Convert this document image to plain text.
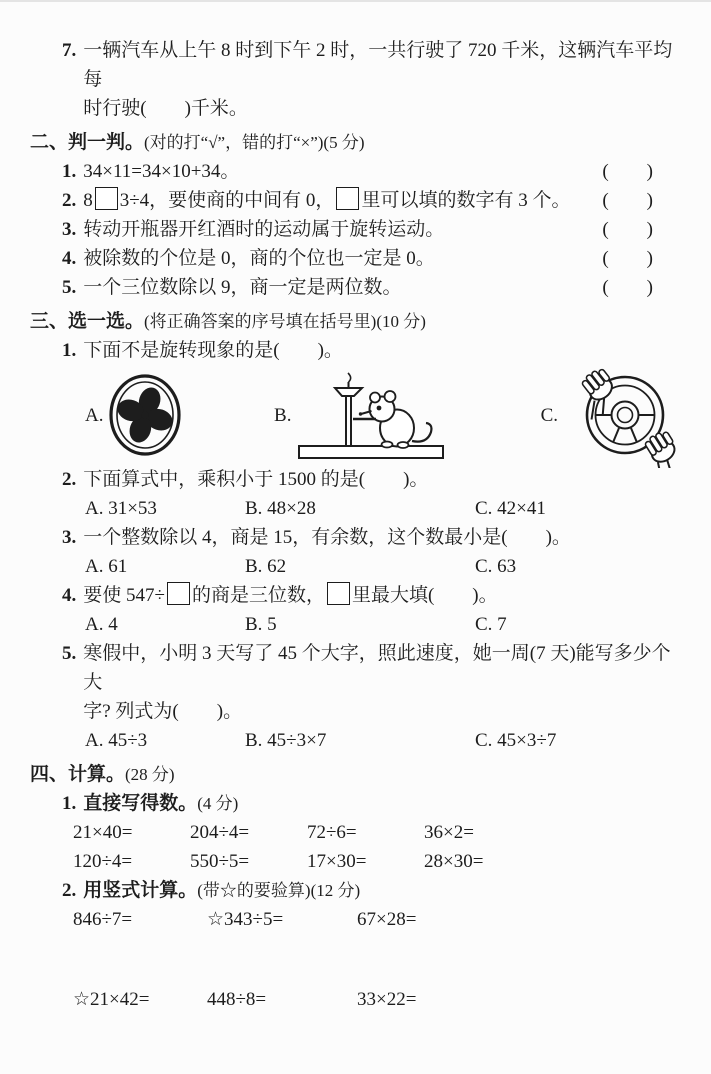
7. 一辆汽车从上午 8 时到下午 2 时，一共行驶了 720 千米，这辆汽车平均每
时行驶(　　)千米。
二、判一判。(对的打“√”，错的打“×”)(5 分)
1. 34×11=34×10+34。	(　　)
2. 8 3÷4，要使商的中间有 0， 里可以填的数字有 3 个。	(　　)
3. 转动开瓶器开红酒时的运动属于旋转运动。	(　　)
4. 被除数的个位是 0，商的个位也一定是 0。	(　　)
5. 一个三位数除以 9，商一定是两位数。	(　　)
三、选一选。(将正确答案的序号填在括号里)(10 分)
1. 下面不是旋转现象的是(　　)。
A.	B.	C.
2. 下面算式中，乘积小于 1500 的是(　　)。
A. 31×53	B. 48×28	C. 42×41
3. 一个整数除以 4，商是 15，有余数，这个数最小是(　　)。
A. 61	B. 62	C. 63
4. 要使 547÷ 的商是三位数， 里最大填(　　)。
A. 4	B. 5	C. 7
5. 寒假中，小明 3 天写了 45 个大字，照此速度，她一周(7 天)能写多少个大
字? 列式为(　　)。
A. 45÷3	B. 45÷3×7	C. 45×3÷7
四、计算。(28 分)
1. 直接写得数。(4 分)
21×40=	204÷4=	72÷6=	36×2=
120÷4=	550÷5=	17×30=	28×30=
2. 用竖式计算。(带☆的要验算)(12 分)
846÷7=	☆343÷5=	67×28=
☆21×42=	448÷8=	33×22=
